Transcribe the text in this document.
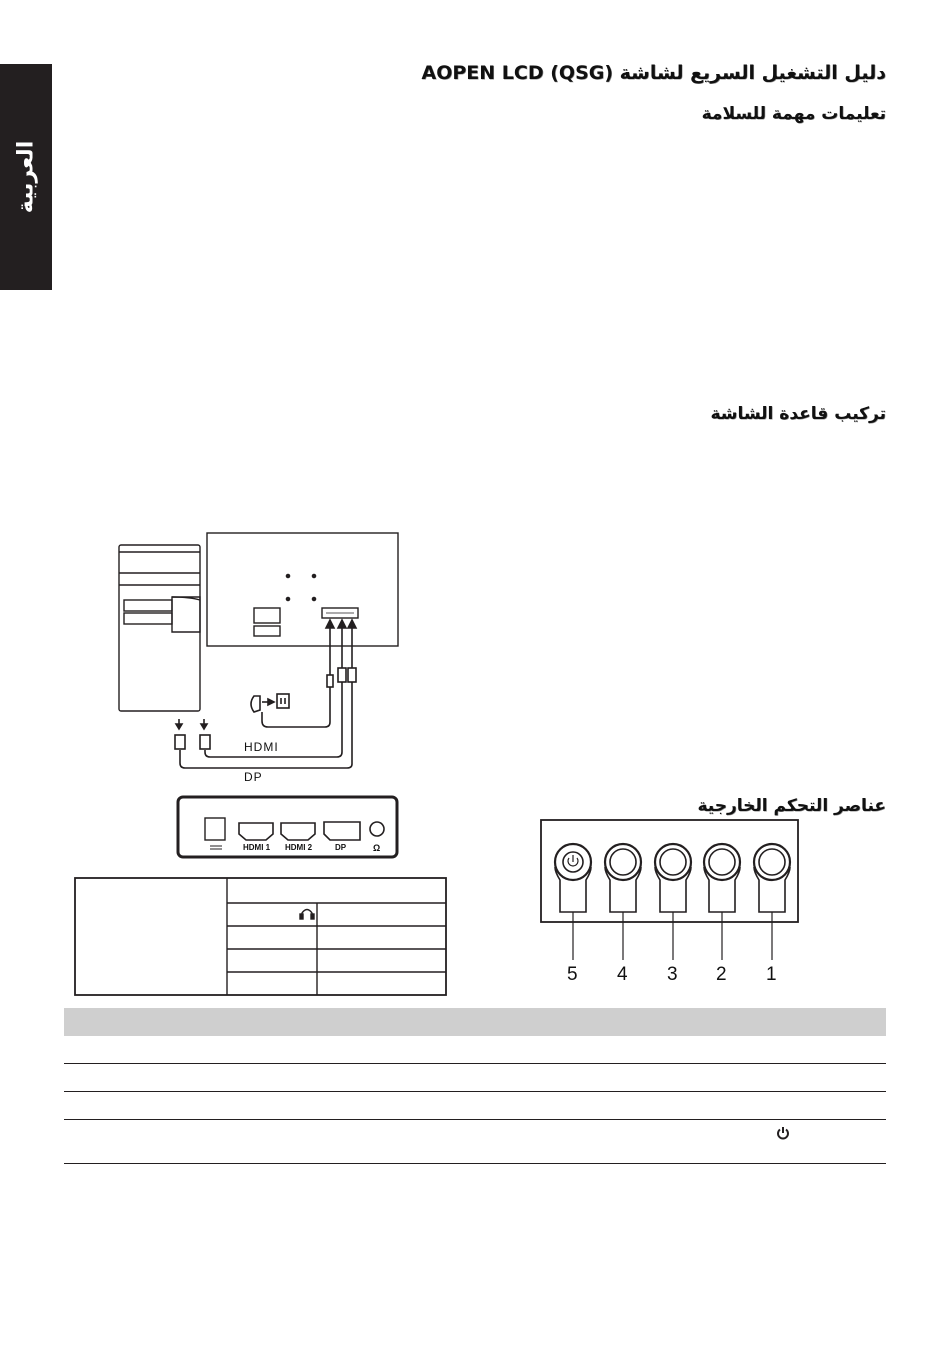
العربية
دليل التشغيل السريع لشاشة AOPEN LCD (QSG)
تعليمات مهمة للسلامة
تركيب قاعدة الشاشة
عناصر التحكم الخارجية
HDMI
DP
HDMI 1 HDMI 2	DP	Ω
5 4 3 2 1
